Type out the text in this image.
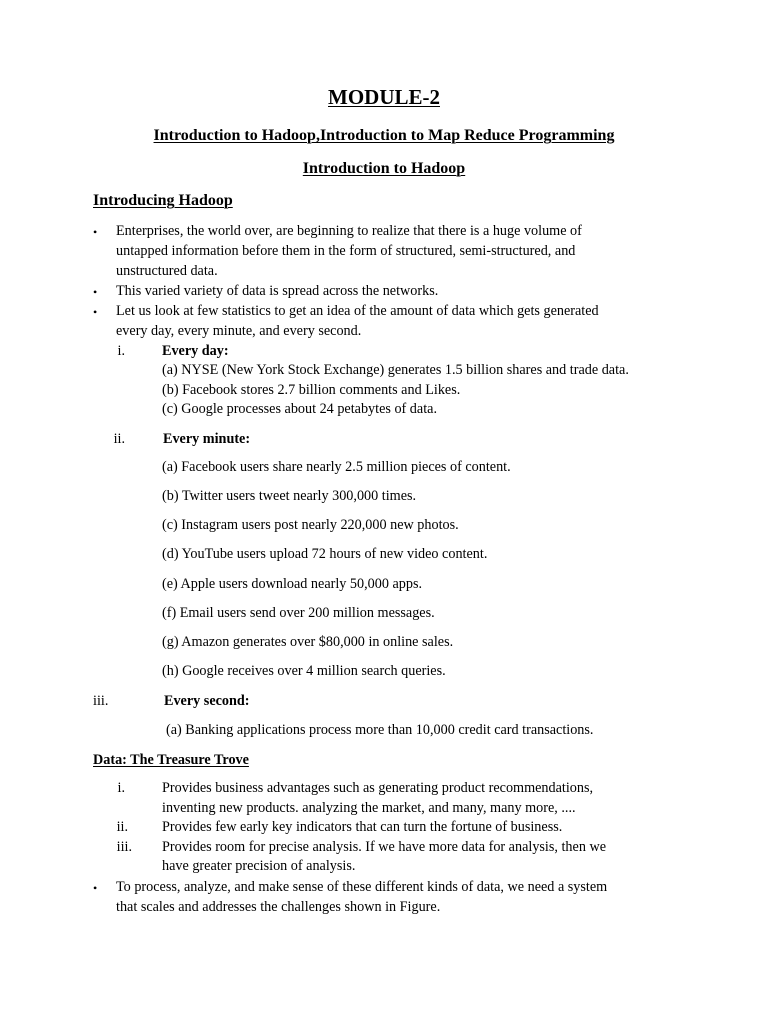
MODULE-2
Introduction to Hadoop,Introduction to Map Reduce Programming
Introduction to Hadoop
Introducing Hadoop
• Enterprises, the world over, are beginning to realize that there is a huge volume of
untapped information before them in the form of structured, semi-structured, and
unstructured data.
• This varied variety of data is spread across the networks.
• Let us look at few statistics to get an idea of the amount of data which gets generated
every day, every minute, and every second.
i.	Every day:
(a) NYSE (New York Stock Exchange) generates 1.5 billion shares and trade data.
(b) Facebook stores 2.7 billion comments and Likes.
(c) Google processes about 24 petabytes of data.
ii.	Every minute:
(a) Facebook users share nearly 2.5 million pieces of content.
(b) Twitter users tweet nearly 300,000 times.
(c) Instagram users post nearly 220,000 new photos.
(d) YouTube users upload 72 hours of new video content.
(e) Apple users download nearly 50,000 apps.
(f) Email users send over 200 million messages.
(g) Amazon generates over $80,000 in online sales.
(h) Google receives over 4 million search queries.
iii.	Every second:
(a) Banking applications process more than 10,000 credit card transactions.
Data: The Treasure Trove
i.	Provides business advantages such as generating product recommendations,
inventing new products. analyzing the market, and many, many more, ....
ii. Provides few early key indicators that can turn the fortune of business.
iii. Provides room for precise analysis. If we have more data for analysis, then we
have greater precision of analysis.
• To process, analyze, and make sense of these different kinds of data, we need a system
that scales and addresses the challenges shown in Figure.
